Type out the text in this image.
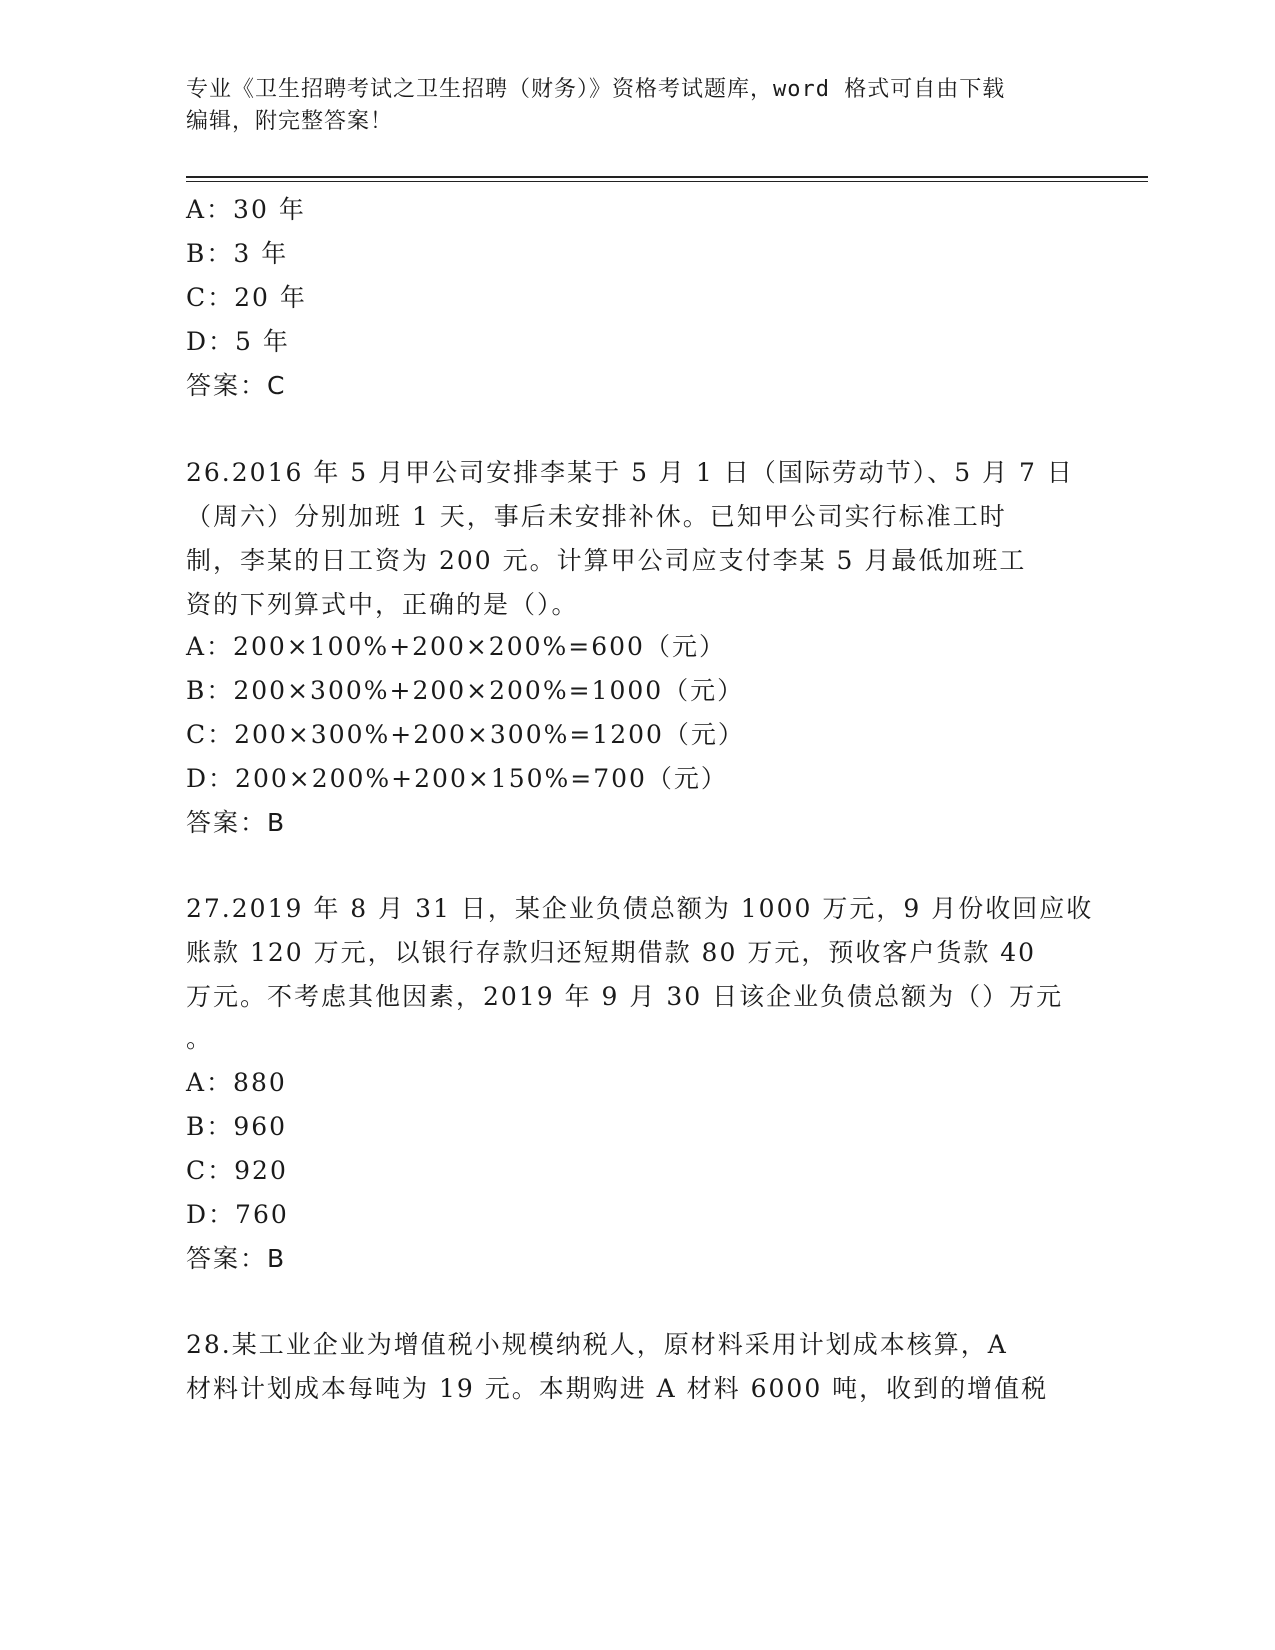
专业《卫生招聘考试之卫生招聘（财务）》资格考试题库，word 格式可自由下载
编辑，附完整答案！
A：30 年
B：3 年
C：20 年
D：5 年
答案：C
26.2016 年 5 月甲公司安排李某于 5 月 1 日（国际劳动节）、5 月 7 日
（周六）分别加班 1 天，事后未安排补休。已知甲公司实行标准工时
制，李某的日工资为 200 元。计算甲公司应支付李某 5 月最低加班工
资的下列算式中，正确的是（）。
A：200×100%+200×200%=600（元）
B：200×300%+200×200%=1000（元）
C：200×300%+200×300%=1200（元）
D：200×200%+200×150%=700（元）
答案：B
27.2019 年 8 月 31 日，某企业负债总额为 1000 万元，9 月份收回应收
账款 120 万元，以银行存款归还短期借款 80 万元，预收客户货款 40
万元。不考虑其他因素，2019 年 9 月 30 日该企业负债总额为（）万元
。
A：880
B：960
C：920
D：760
答案：B
28.某工业企业为增值税小规模纳税人，原材料采用计划成本核算，A
材料计划成本每吨为 19 元。本期购进 A 材料 6000 吨，收到的增值税
